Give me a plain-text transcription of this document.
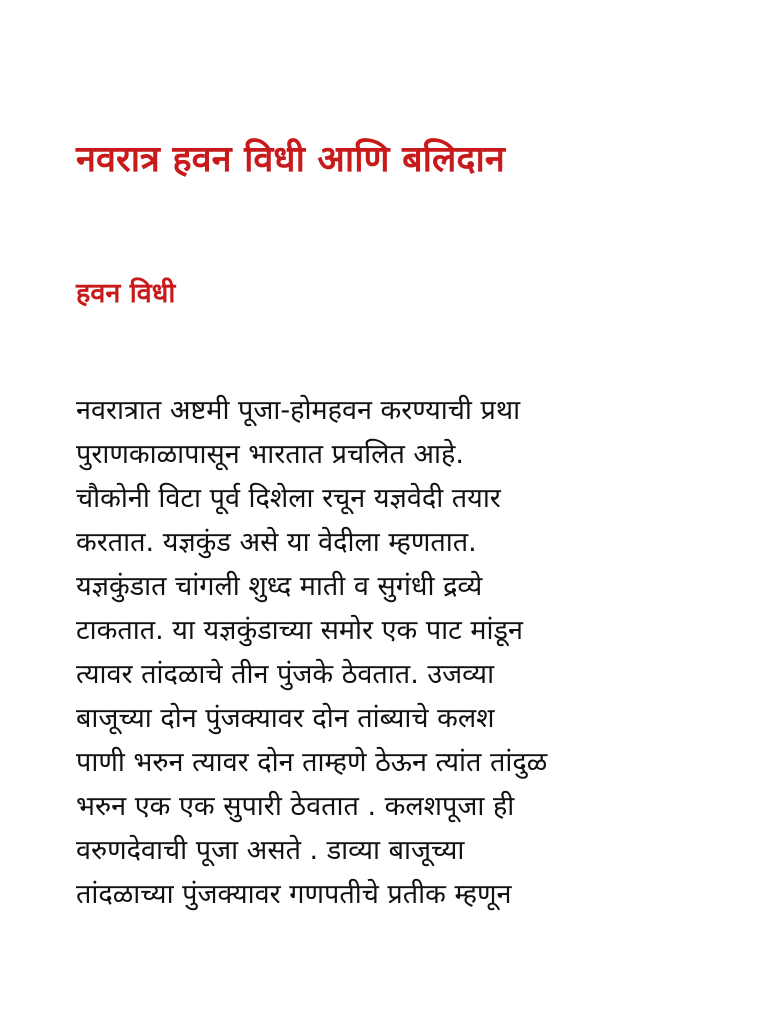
नवरात्र हवन विधी आणि बलिदान
हवन विधी

नवरात्रात अष्टमी पूजा-होमहवन करण्याची प्रथा
पुराणकाळापासून भारतात प्रचलित आहे.
चौकोनी विटा पूर्व दिशेला रचून यज्ञवेदी तयार
करतात. यज्ञकुंड असे या वेदीला म्हणतात.
यज्ञकुंडात चांगली शुध्द माती व सुगंधी द्रव्ये
टाकतात. या यज्ञकुंडाच्या समोर एक पाट मांडून
त्यावर तांदळाचे तीन पुंजके ठेवतात. उजव्या
बाजूच्या दोन पुंजक्यावर दोन तांब्याचे कलश
पाणी भरुन त्यावर दोन ताम्हणे ठेऊन त्यांत तांदुळ
भरुन एक एक सुपारी ठेवतात . कलशपूजा ही
वरुणदेवाची पूजा असते . डाव्या बाजूच्या
तांदळाच्या पुंजक्यावर गणपतीचे प्रतीक म्हणून
